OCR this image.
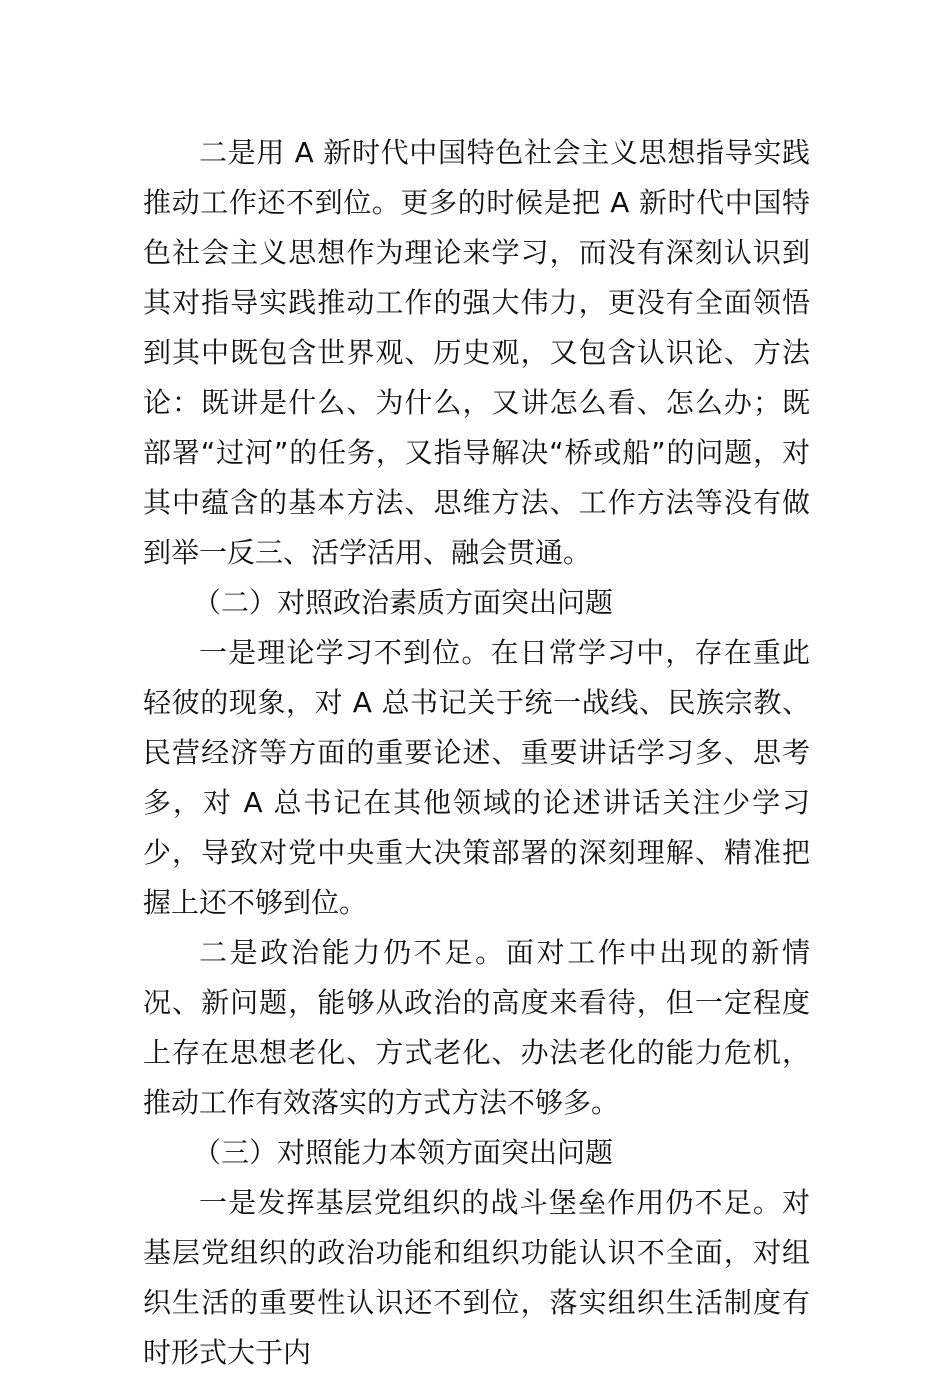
二是用 A 新时代中国特色社会主义思想指导实践推动工作还不到位。更多的时候是把 A 新时代中国特色社会主义思想作为理论来学习，而没有深刻认识到其对指导实践推动工作的强大伟力，更没有全面领悟到其中既包含世界观、历史观，又包含认识论、方法论：既讲是什么、为什么，又讲怎么看、怎么办；既部署“过河”的任务，又指导解决“桥或船”的问题，对其中蕴含的基本方法、思维方法、工作方法等没有做到举一反三、活学活用、融会贯通。

（二）对照政治素质方面突出问题

一是理论学习不到位。在日常学习中，存在重此轻彼的现象，对 A 总书记关于统一战线、民族宗教、民营经济等方面的重要论述、重要讲话学习多、思考多，对 A 总书记在其他领域的论述讲话关注少学习少，导致对党中央重大决策部署的深刻理解、精准把握上还不够到位。

二是政治能力仍不足。面对工作中出现的新情况、新问题，能够从政治的高度来看待，但一定程度上存在思想老化、方式老化、办法老化的能力危机，推动工作有效落实的方式方法不够多。

（三）对照能力本领方面突出问题

一是发挥基层党组织的战斗堡垒作用仍不足。对基层党组织的政治功能和组织功能认识不全面，对组织生活的重要性认识还不到位，落实组织生活制度有时形式大于内
